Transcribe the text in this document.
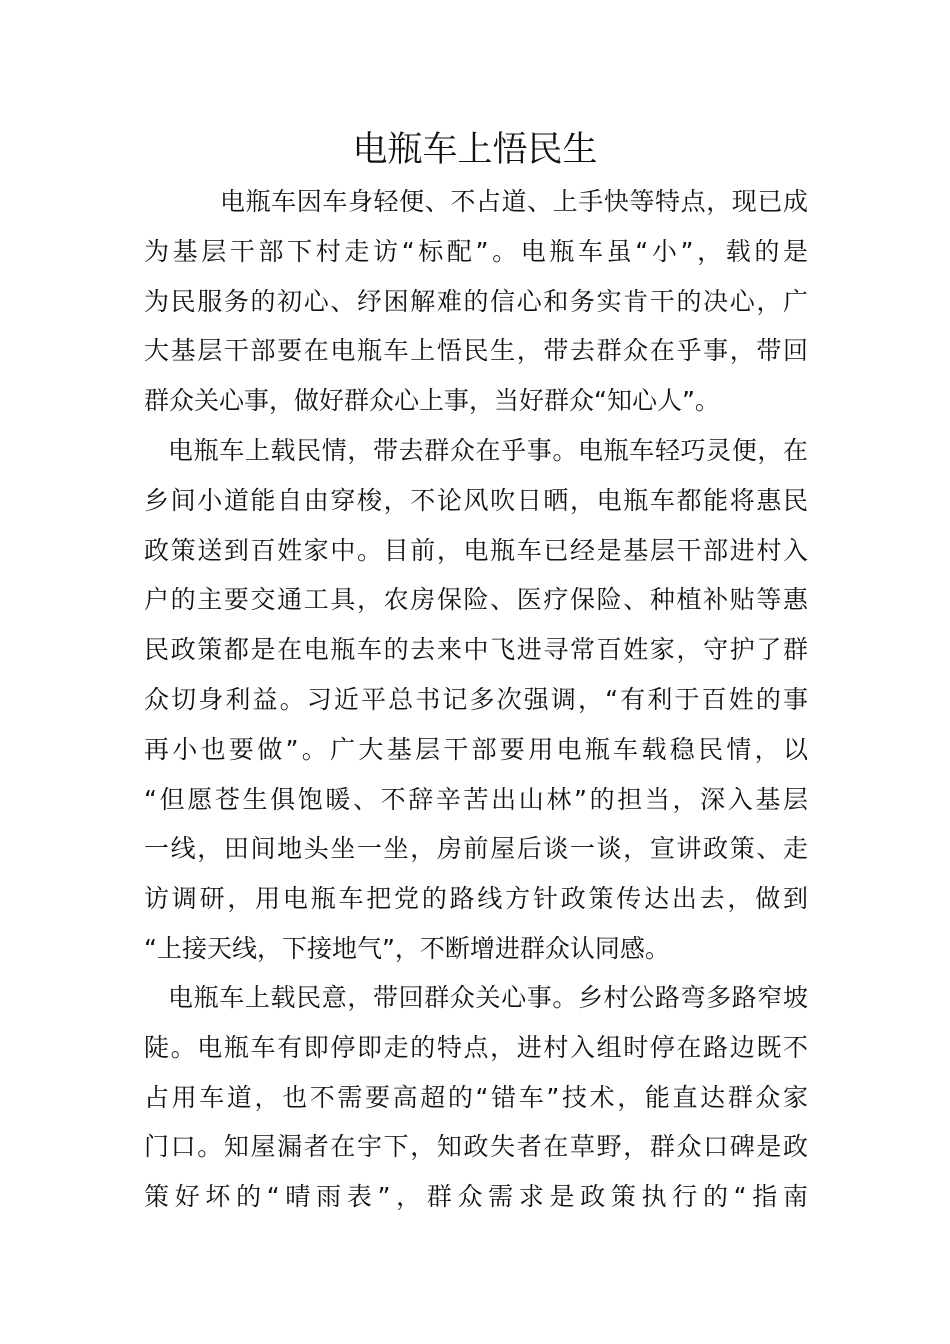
电瓶车上悟民生
电瓶车因车身轻便、不占道、上手快等特点，现已成
为基层干部下村走访“标配”。电瓶车虽“小”，载的是
为民服务的初心、纾困解难的信心和务实肯干的决心，广
大基层干部要在电瓶车上悟民生，带去群众在乎事，带回
群众关心事，做好群众心上事，当好群众“知心人”。
电瓶车上载民情，带去群众在乎事。电瓶车轻巧灵便，在
乡间小道能自由穿梭，不论风吹日晒，电瓶车都能将惠民
政策送到百姓家中。目前，电瓶车已经是基层干部进村入
户的主要交通工具，农房保险、医疗保险、种植补贴等惠
民政策都是在电瓶车的去来中飞进寻常百姓家，守护了群
众切身利益。习近平总书记多次强调，“有利于百姓的事
再小也要做”。广大基层干部要用电瓶车载稳民情，以
“但愿苍生俱饱暖、不辞辛苦出山林”的担当，深入基层
一线，田间地头坐一坐，房前屋后谈一谈，宣讲政策、走
访调研，用电瓶车把党的路线方针政策传达出去，做到
“上接天线，下接地气”，不断增进群众认同感。
电瓶车上载民意，带回群众关心事。乡村公路弯多路窄坡
陡。电瓶车有即停即走的特点，进村入组时停在路边既不
占用车道，也不需要高超的“错车”技术，能直达群众家
门口。知屋漏者在宇下，知政失者在草野，群众口碑是政
策好坏的“晴雨表”，群众需求是政策执行的“指南
